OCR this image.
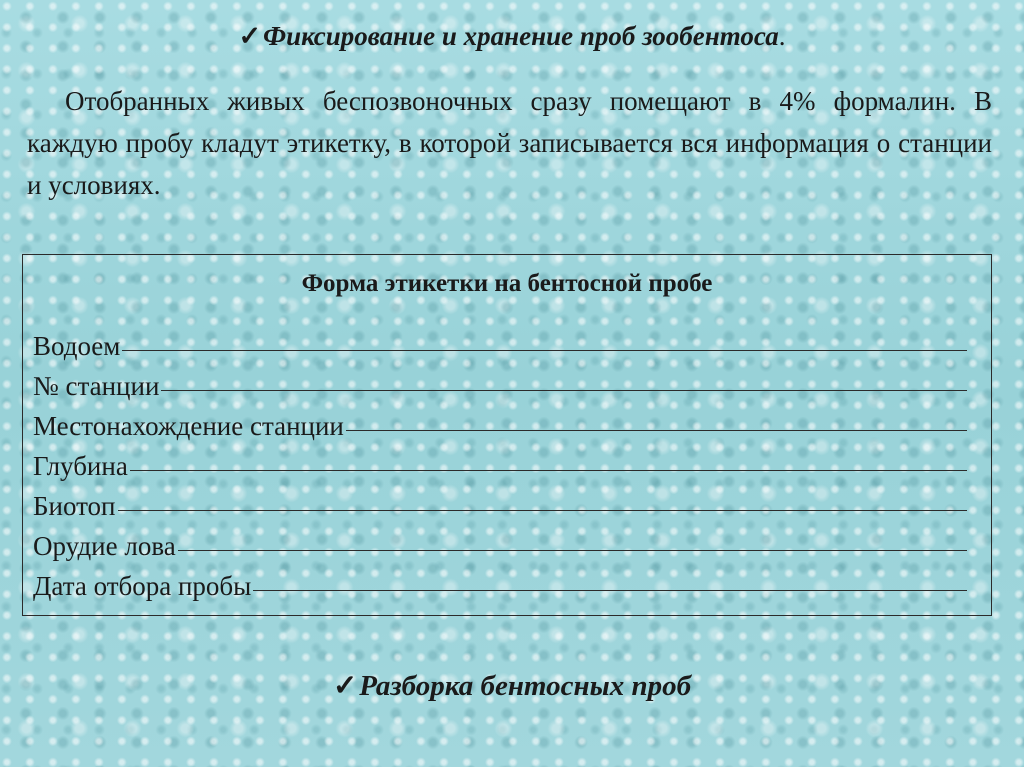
✓Фиксирование и хранение проб зообентоса.
Отобранных живых беспозвоночных сразу помещают в 4% формалин. В каждую пробу кладут этикетку, в которой записывается вся информация о станции и условиях.
Форма этикетки на бентосной пробе
Водоем
№ станции
Местонахождение станции
Глубина
Биотоп
Орудие лова
Дата отбора пробы
✓Разборка бентосных проб
